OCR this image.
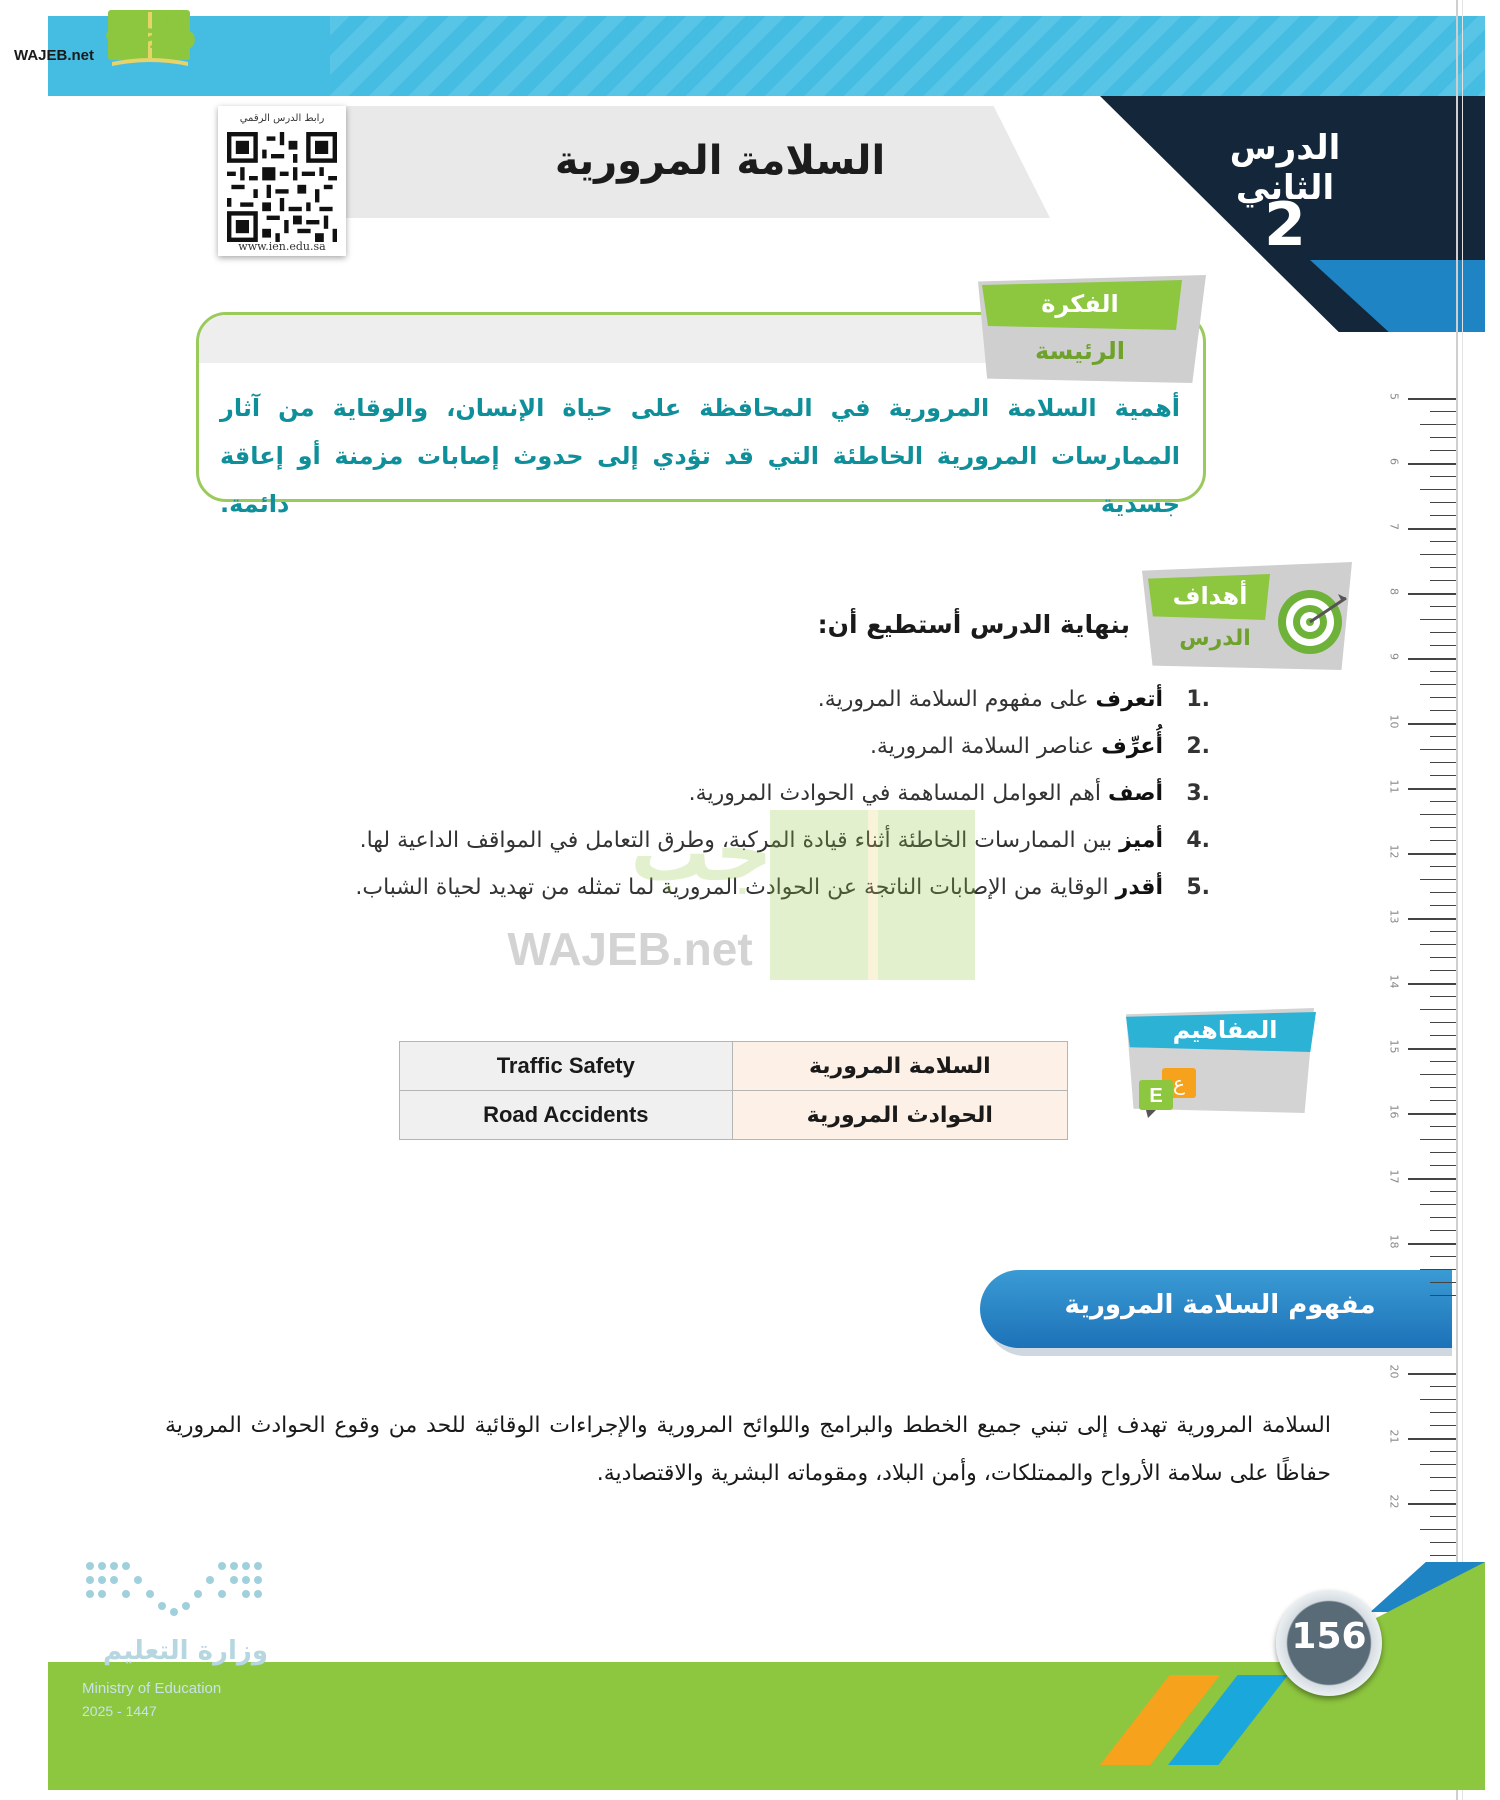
الدرس الثاني
2
السلامة المرورية
واجب
WAJEB.net
رابط الدرس الرقمي
www.ien.edu.sa
الفكرة
الرئيسة
أهمية السلامة المرورية في المحافظة على حياة الإنسان، والوقاية من آثار الممارسات المرورية الخاطئة التي قد تؤدي إلى حدوث إصابات مزمنة أو إعاقة جسدية دائمة.
أهداف
الدرس
بنهاية الدرس أستطيع أن:
.1 أتعرف على مفهوم السلامة المرورية.
.2 أُعرِّف عناصر السلامة المرورية.
.3 أصف أهم العوامل المساهمة في الحوادث المرورية.
.4 أميز بين الممارسات الخاطئة أثناء قيادة المركبة، وطرق التعامل في المواقف الداعية لها.
.5 أقدر الوقاية من الإصابات الناتجة عن الحوادث المرورية لما تمثله من تهديد لحياة الشباب.
واجب
WAJEB.net
المفاهيم
ع
E
Traffic Safety	السلامة المرورية
Road Accidents	الحوادث المرورية
مفهوم السلامة المرورية
السلامة المرورية تهدف إلى تبني جميع الخطط والبرامج واللوائح المرورية والإجراءات الوقائية للحد من وقوع الحوادث المرورية حفاظًا على سلامة الأرواح والممتلكات، وأمن البلاد، ومقوماته البشرية والاقتصادية.
5
6
7
8
9
10
11
12
13
14
15
16
17
18
20
21
22
156
وزارة التعليم
Ministry of Education
2025 - 1447
